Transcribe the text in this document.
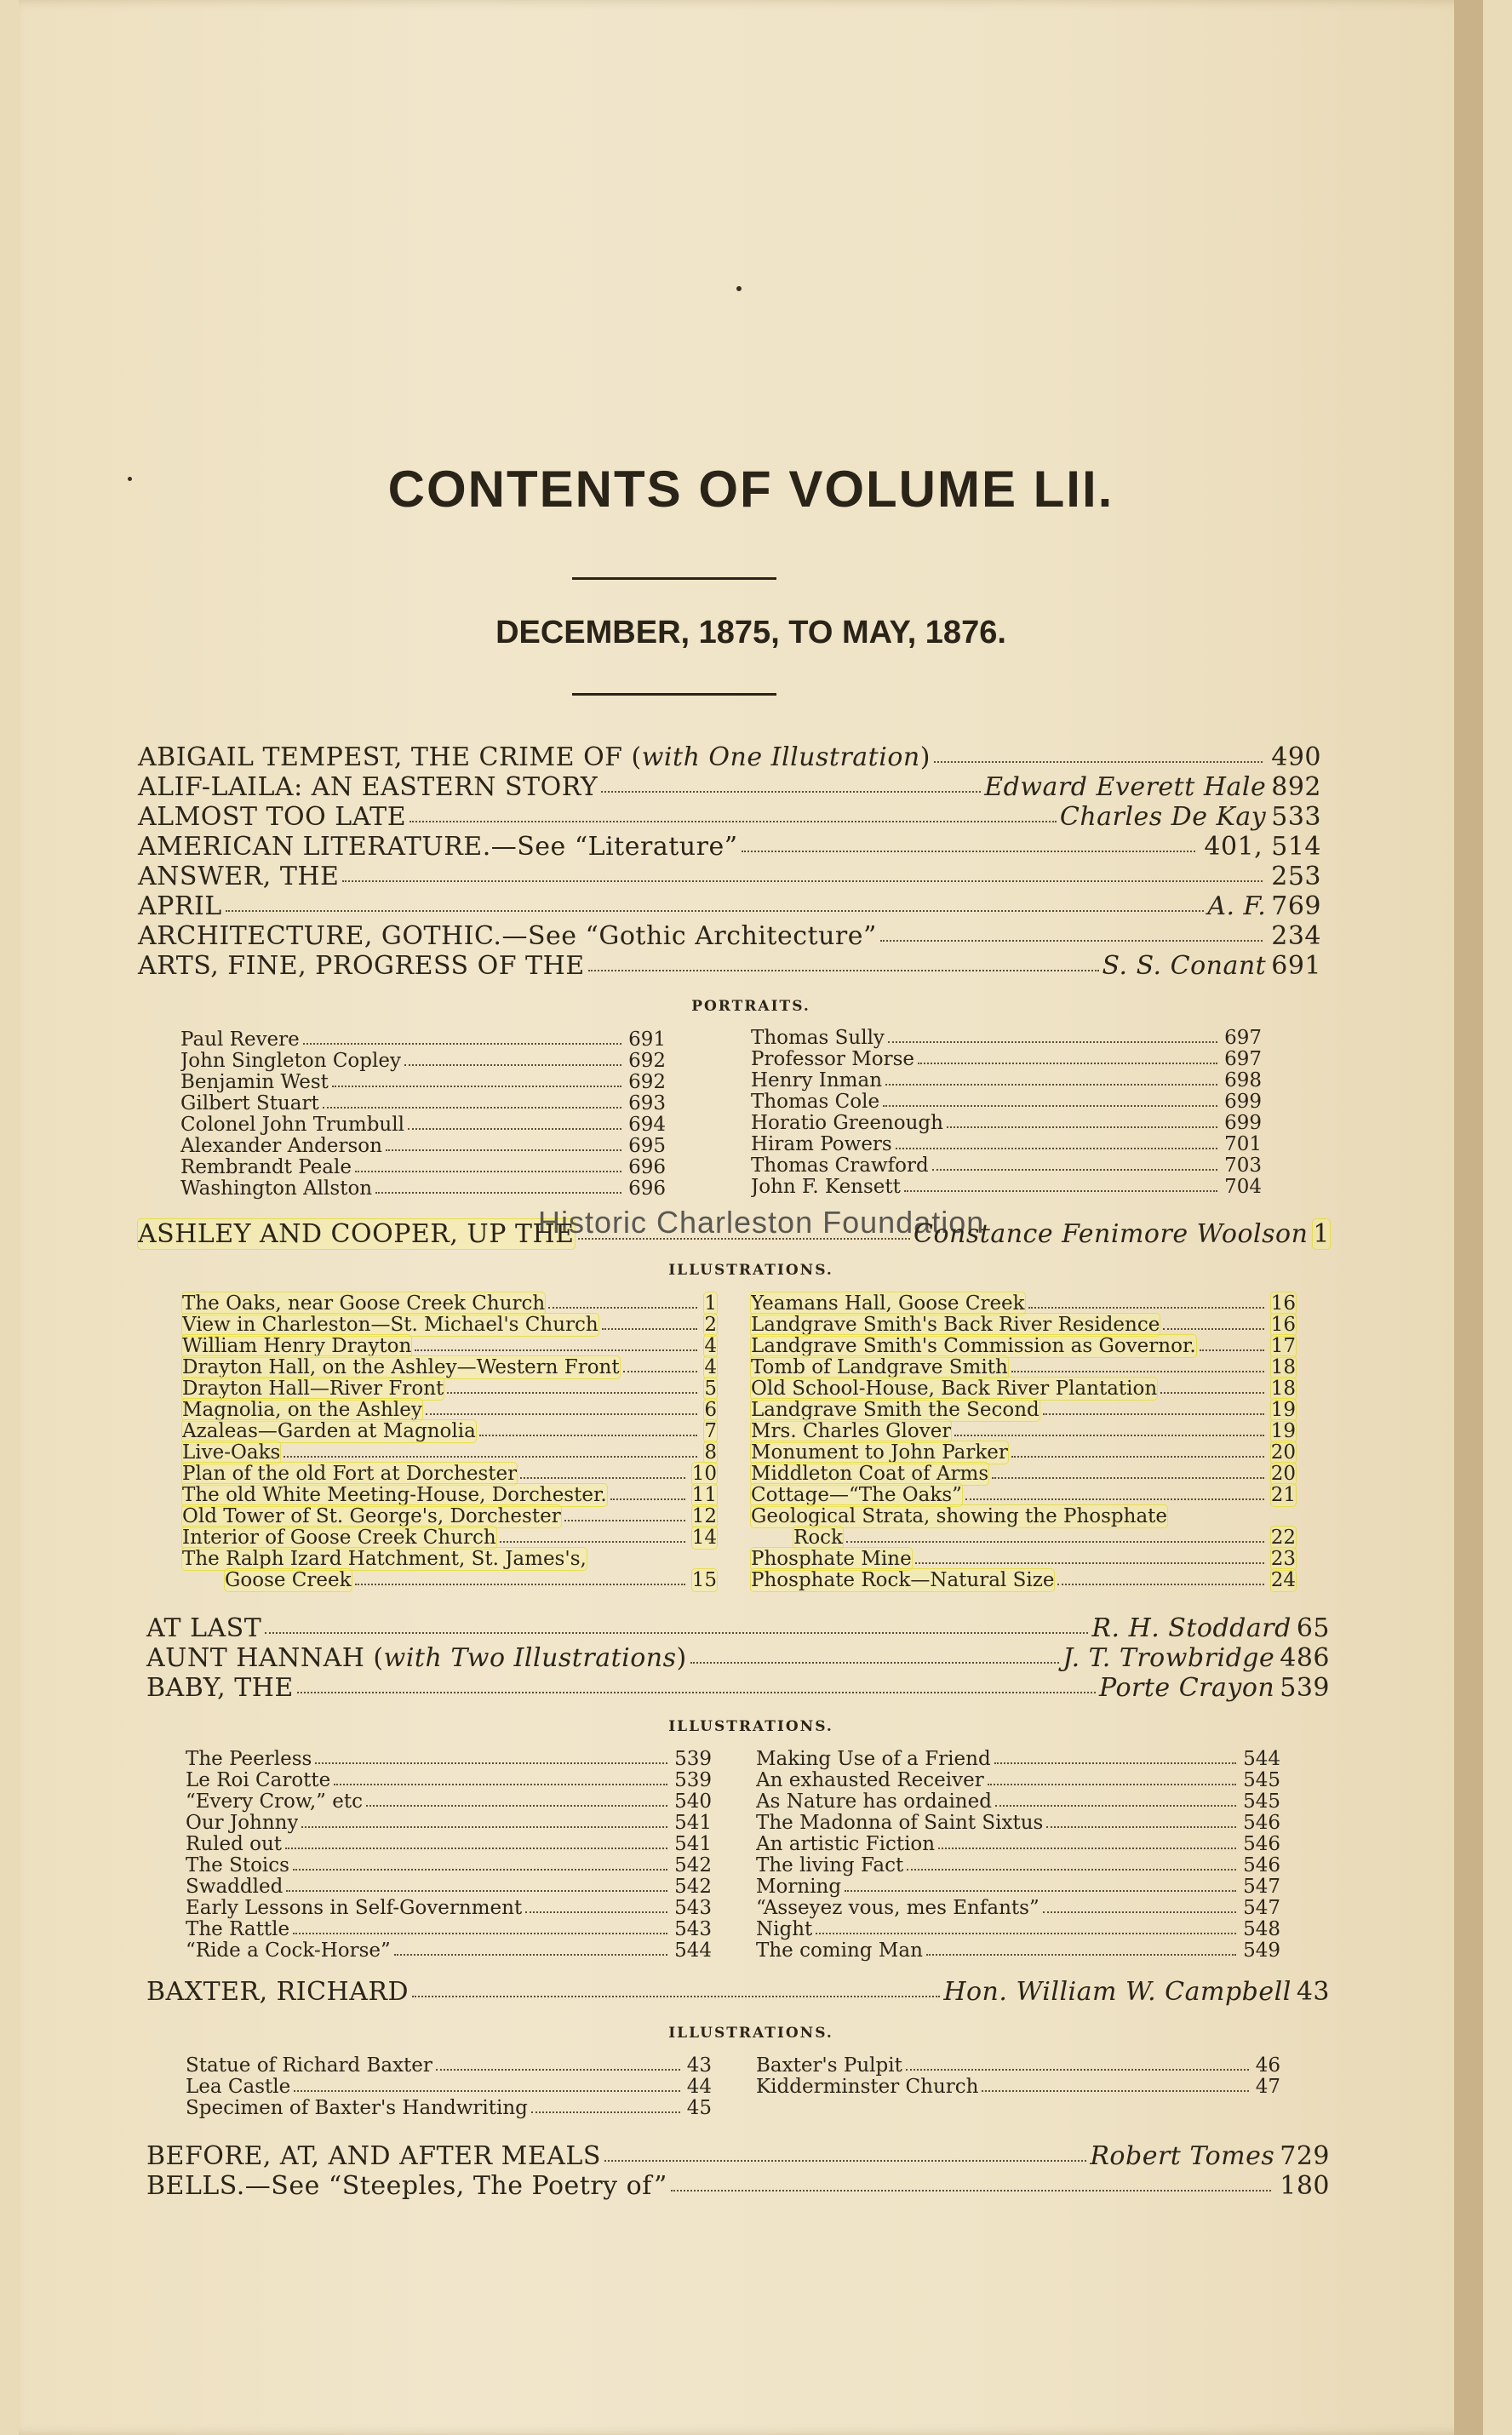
CONTENTS OF VOLUME LII.
DECEMBER, 1875, TO MAY, 1876.
ABIGAIL TEMPEST, THE CRIME OF (with One Illustration)	490
ALIF-LAILA: AN EASTERN STORY	Edward Everett Hale 892
ALMOST TOO LATE	Charles De Kay 533
AMERICAN LITERATURE.—See “Literature”	401, 514
ANSWER, THE	253
APRIL	A. F. 769
ARCHITECTURE, GOTHIC.—See “Gothic Architecture”	234
ARTS, FINE, PROGRESS OF THE	S. S. Conant 691
PORTRAITS.
Paul Revere	691
John Singleton Copley	692
Benjamin West	692
Gilbert Stuart	693
Colonel John Trumbull	694
Alexander Anderson	695
Rembrandt Peale	696
Washington Allston	696
Thomas Sully	697
Professor Morse	697
Henry Inman	698
Thomas Cole	699
Horatio Greenough	699
Hiram Powers	701
Thomas Crawford	703
John F. Kensett	704
ASHLEY AND COOPER, UP THE	Constance Fenimore Woolson 1
ILLUSTRATIONS.
The Oaks, near Goose Creek Church	1
View in Charleston—St. Michael's Church	2
William Henry Drayton	4
Drayton Hall, on the Ashley—Western Front	4
Drayton Hall—River Front	5
Magnolia, on the Ashley	6
Azaleas—Garden at Magnolia	7
Live-Oaks	8
Plan of the old Fort at Dorchester	10
The old White Meeting-House, Dorchester.	11
Old Tower of St. George's, Dorchester	12
Interior of Goose Creek Church	14
The Ralph Izard Hatchment, St. James's,
Goose Creek	15
Yeamans Hall, Goose Creek	16
Landgrave Smith's Back River Residence	16
Landgrave Smith's Commission as Governor.	17
Tomb of Landgrave Smith	18
Old School-House, Back River Plantation	18
Landgrave Smith the Second	19
Mrs. Charles Glover	19
Monument to John Parker	20
Middleton Coat of Arms	20
Cottage—“The Oaks”	21
Geological Strata, showing the Phosphate
Rock	22
Phosphate Mine	23
Phosphate Rock—Natural Size	24
AT LAST	R. H. Stoddard 65
AUNT HANNAH (with Two Illustrations)	J. T. Trowbridge 486
BABY, THE	Porte Crayon 539
ILLUSTRATIONS.
The Peerless	539
Le Roi Carotte	539
“Every Crow,” etc	540
Our Johnny	541
Ruled out	541
The Stoics	542
Swaddled	542
Early Lessons in Self-Government	543
The Rattle	543
“Ride a Cock-Horse”	544
Making Use of a Friend	544
An exhausted Receiver	545
As Nature has ordained	545
The Madonna of Saint Sixtus	546
An artistic Fiction	546
The living Fact	546
Morning	547
“Asseyez vous, mes Enfants”	547
Night	548
The coming Man	549
BAXTER, RICHARD	Hon. William W. Campbell 43
ILLUSTRATIONS.
Statue of Richard Baxter	43
Lea Castle	44
Specimen of Baxter's Handwriting	45
Baxter's Pulpit	46
Kidderminster Church	47
BEFORE, AT, AND AFTER MEALS	Robert Tomes 729
BELLS.—See “Steeples, The Poetry of”	180
Historic Charleston Foundation
